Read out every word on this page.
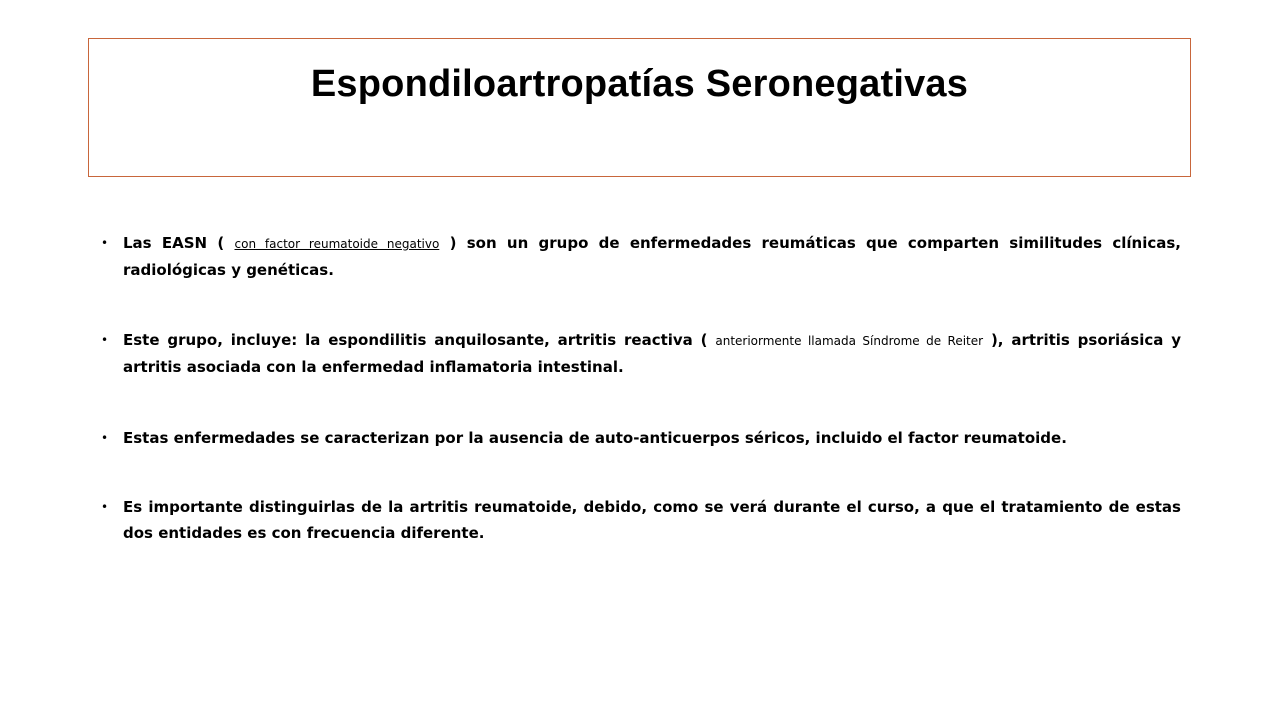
Espondiloartropatías Seronegativas
• Las EASN ( con factor reumatoide negativo ) son un grupo de enfermedades reumáticas que comparten similitudes clínicas, radiológicas y genéticas.
• Este grupo, incluye: la espondilitis anquilosante, artritis reactiva ( anteriormente llamada Síndrome de Reiter ), artritis psoriásica y artritis asociada con la enfermedad inflamatoria intestinal.
• Estas enfermedades se caracterizan por la ausencia de auto-anticuerpos séricos, incluido el factor reumatoide.
• Es importante distinguirlas de la artritis reumatoide, debido, como se verá durante el curso, a que el tratamiento de estas dos entidades es con frecuencia diferente.
